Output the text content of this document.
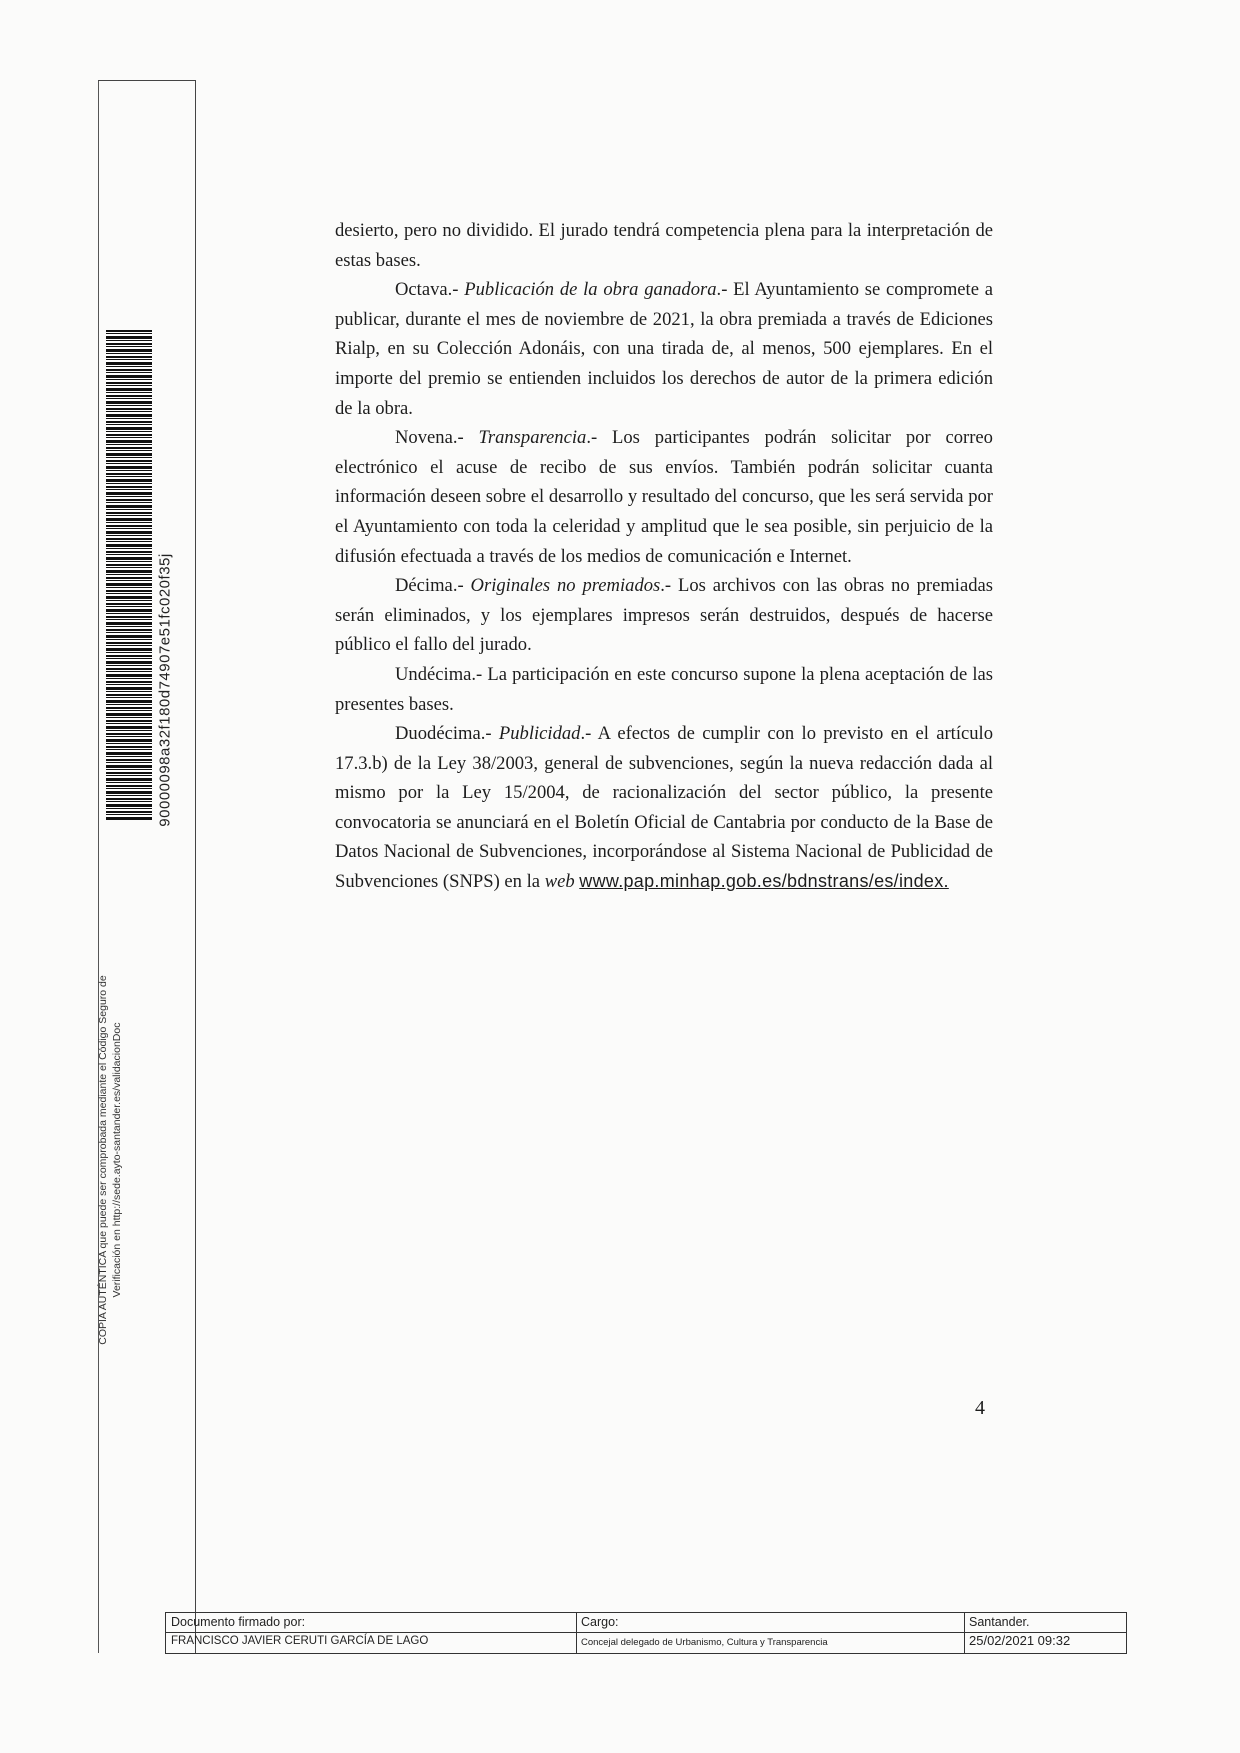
90000098a32f180d74907e51fc020f35j
COPIA AUTÉNTICA que puede ser comprobada mediante el Código Seguro de Verificación en http://sede.ayto-santander.es/validacionDoc

desierto, pero no dividido. El jurado tendrá competencia plena para la interpretación de estas bases.

Octava.- Publicación de la obra ganadora.- El Ayuntamiento se compromete a publicar, durante el mes de noviembre de 2021, la obra premiada a través de Ediciones Rialp, en su Colección Adonáis, con una tirada de, al menos, 500 ejemplares. En el importe del premio se entienden incluidos los derechos de autor de la primera edición de la obra.

Novena.- Transparencia.- Los participantes podrán solicitar por correo electrónico el acuse de recibo de sus envíos. También podrán solicitar cuanta información deseen sobre el desarrollo y resultado del concurso, que les será servida por el Ayuntamiento con toda la celeridad y amplitud que le sea posible, sin perjuicio de la difusión efectuada a través de los medios de comunicación e Internet.

Décima.- Originales no premiados.- Los archivos con las obras no premiadas serán eliminados, y los ejemplares impresos serán destruidos, después de hacerse público el fallo del jurado.

Undécima.- La participación en este concurso supone la plena aceptación de las presentes bases.

Duodécima.- Publicidad.- A efectos de cumplir con lo previsto en el artículo 17.3.b) de la Ley 38/2003, general de subvenciones, según la nueva redacción dada al mismo por la Ley 15/2004, de racionalización del sector público, la presente convocatoria se anunciará en el Boletín Oficial de Cantabria por conducto de la Base de Datos Nacional de Subvenciones, incorporándose al Sistema Nacional de Publicidad de Subvenciones (SNPS) en la web www.pap.minhap.gob.es/bdnstrans/es/index.

4
Documento firmado por:
FRANCISCO JAVIER CERUTI GARCÍA DE LAGO
Cargo:
Concejal delegado de Urbanismo, Cultura y Transparencia
Santander.
25/02/2021 09:32
